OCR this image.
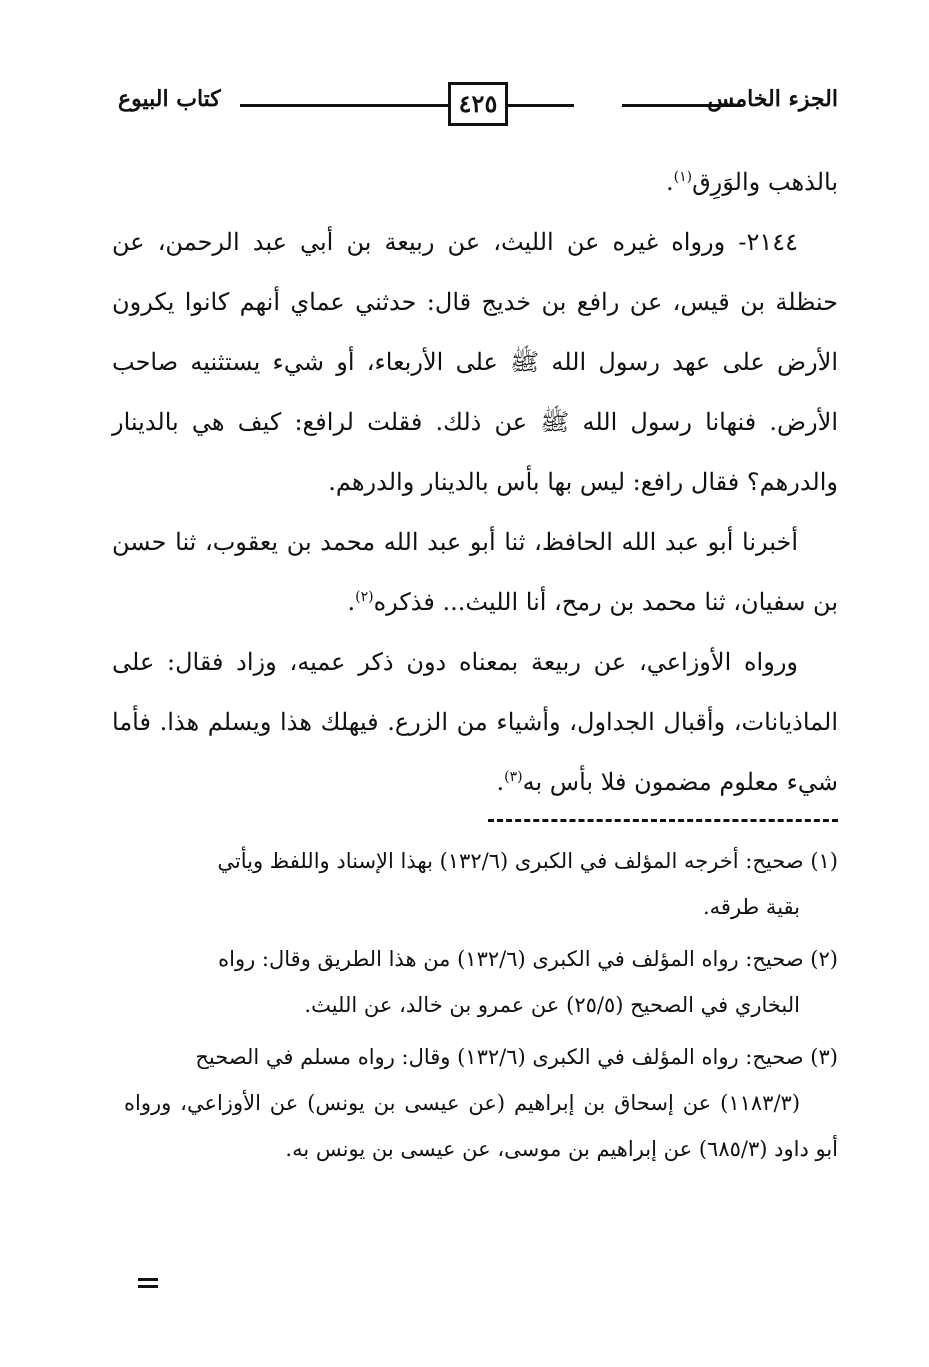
كتاب البيوع	٤٢٥	الجزء الخامس

بالذهب والوَرِق$^{(١)}$.

٢١٤٤- ورواه غيره عن الليث، عن ربيعة بن أبي عبد الرحمن، عن حنظلة بن قيس، عن رافع بن خديج قال: حدثني عماي أنهم كانوا يكرون الأرض على عهد رسول الله ﷺ على الأربعاء، أو شيء يستثنيه صاحب الأرض. فنهانا رسول الله ﷺ عن ذلك. فقلت لرافع: كيف هي بالدينار والدرهم؟ فقال رافع: ليس بها بأس بالدينار والدرهم.

أخبرنا أبو عبد الله الحافظ، ثنا أبو عبد الله محمد بن يعقوب، ثنا حسن بن سفيان، ثنا محمد بن رمح، أنا الليث... فذكره$^{(٢)}$.

ورواه الأوزاعي، عن ربيعة بمعناه دون ذكر عميه، وزاد فقال: على الماذيانات، وأقبال الجداول، وأشياء من الزرع. فيهلك هذا ويسلم هذا. فأما شيء معلوم مضمون فلا بأس به$^{(٣)}$.

(١) صحيح: أخرجه المؤلف في الكبرى (١٣٢/٦) بهذا الإسناد واللفظ ويأتي
بقية طرقه.

(٢) صحيح: رواه المؤلف في الكبرى (١٣٢/٦) من هذا الطريق وقال: رواه
البخاري في الصحيح (٢٥/٥) عن عمرو بن خالد، عن الليث.

(٣) صحيح: رواه المؤلف في الكبرى (١٣٢/٦) وقال: رواه مسلم في الصحيح
(١١٨٣/٣) عن إسحاق بن إبراهيم (عن عيسى بن يونس) عن الأوزاعي، ورواه أبو داود (٦٨٥/٣) عن إبراهيم بن موسى، عن عيسى بن يونس به.
